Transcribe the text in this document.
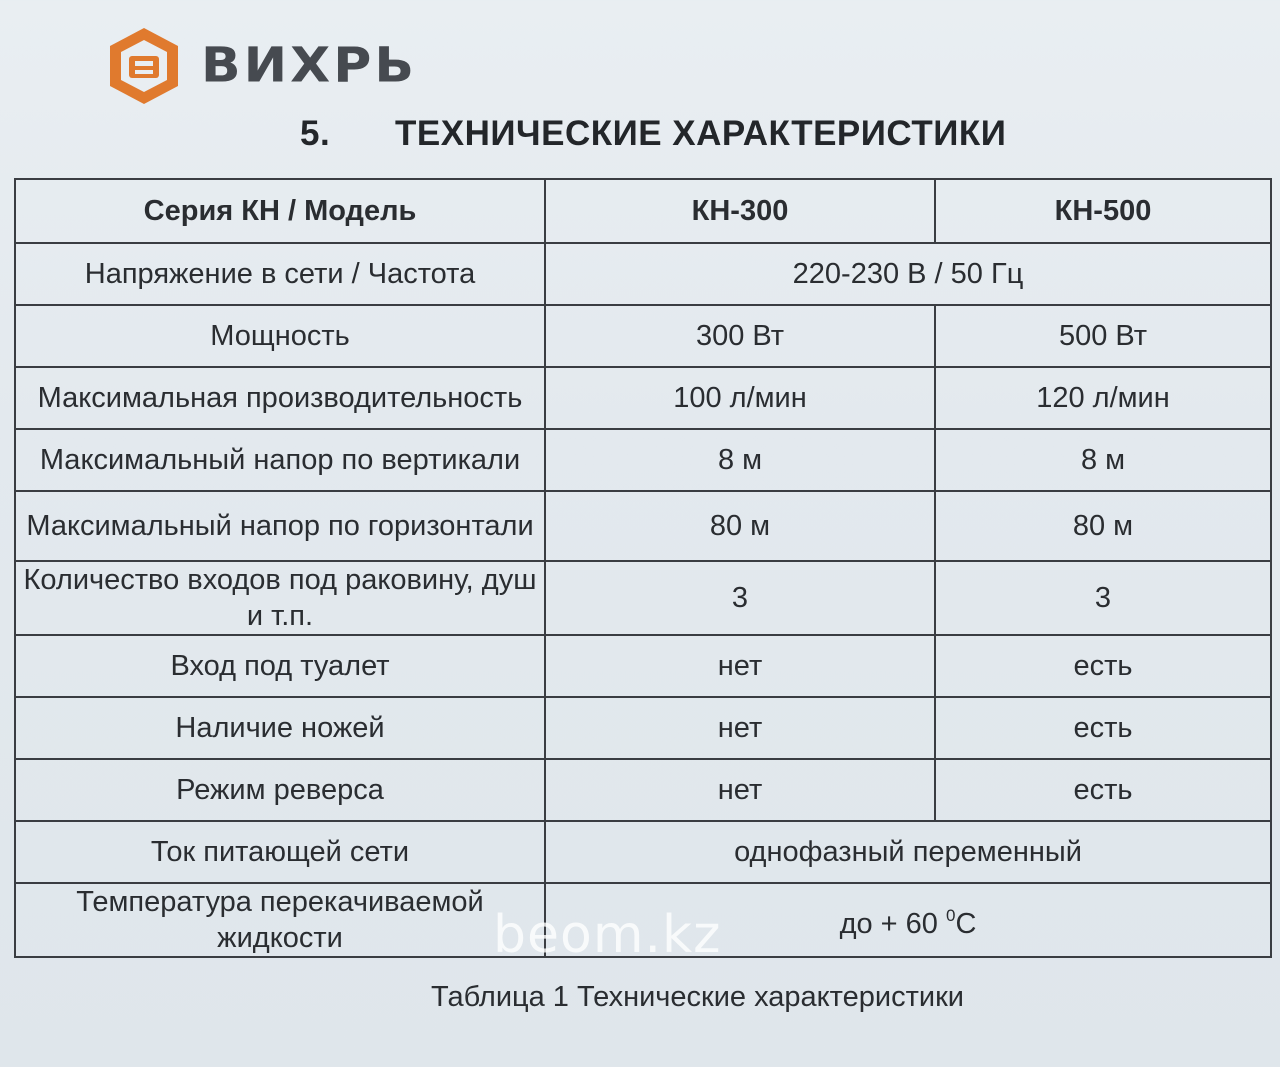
ВИХРЬ
5. ТЕХНИЧЕСКИЕ ХАРАКТЕРИСТИКИ
Серия КН / Модель	КН-300	КН-500
Напряжение в сети / Частота	220-230 В / 50 Гц	
Мощность	300 Вт	500 Вт
Максимальная производительность	100 л/мин	120 л/мин
Максимальный напор по вертикали	8 м	8 м
Максимальный напор по горизонтали	80 м	80 м
Количество входов под раковину, душ и т.п.	3	3
Вход под туалет	нет	есть
Наличие ножей	нет	есть
Режим реверса	нет	есть
Ток питающей сети	однофазный переменный	
Температура перекачиваемой жидкости	до + 60 $^0$С	
beom.kz
Таблица 1 Технические характеристики
